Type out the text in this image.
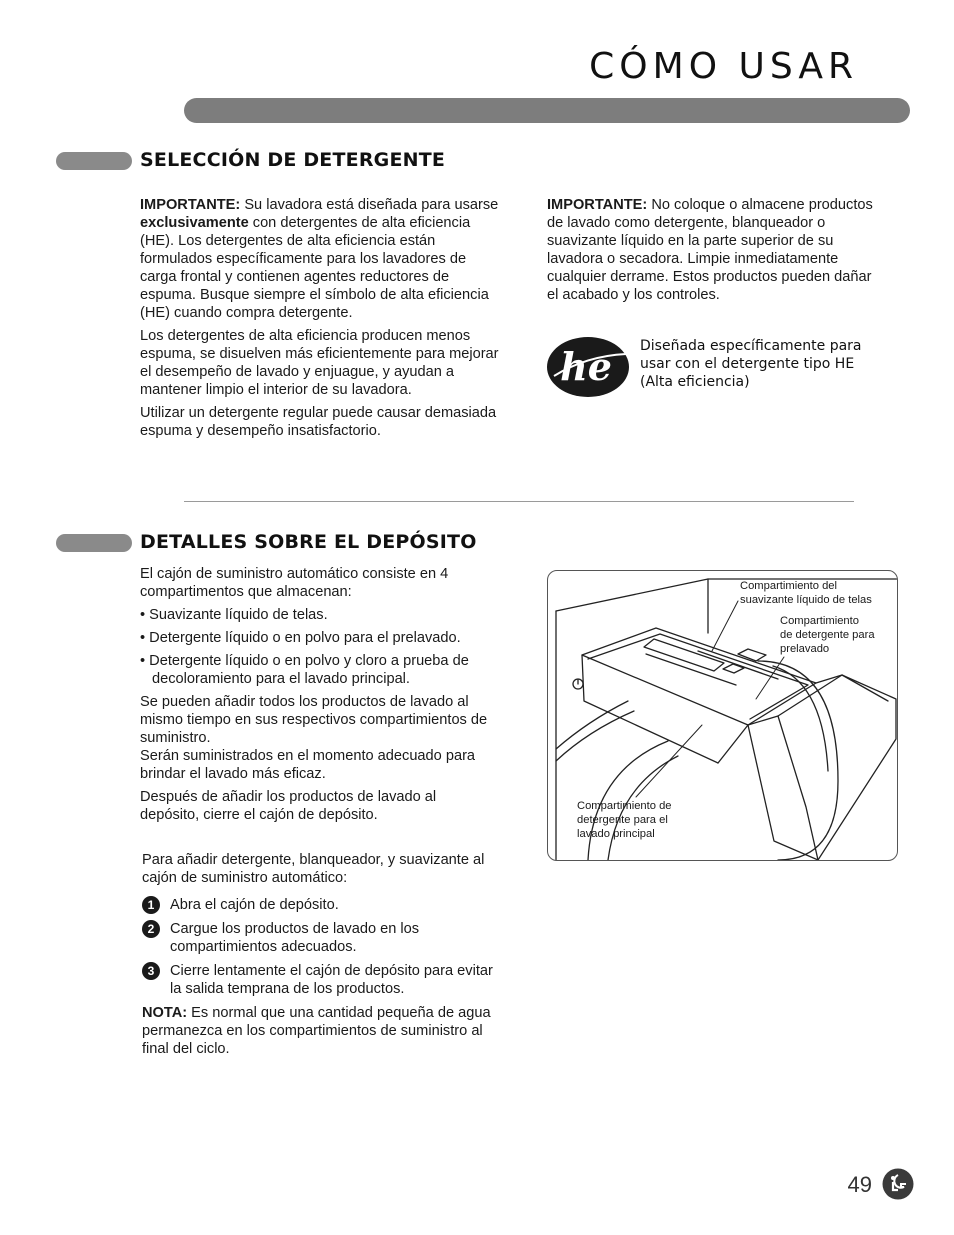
CÓMO USAR
SELECCIÓN DE DETERGENTE

IMPORTANTE: Su lavadora está diseñada para usarse exclusivamente con detergentes de alta eficiencia (HE). Los detergentes de alta eficiencia están formulados específicamente para los lavadores de carga frontal y contienen agentes reductores de espuma. Busque siempre el símbolo de alta eficiencia (HE) cuando compra detergente.

Los detergentes de alta eficiencia producen menos espuma, se disuelven más eficientemente para mejorar el desempeño de lavado y enjuague, y ayudan a mantener limpio el interior de su lavadora.

Utilizar un detergente regular puede causar demasiada espuma y desempeño insatisfactorio.

IMPORTANTE: No coloque o almacene productos de lavado como detergente, blanqueador o suavizante líquido en la parte superior de su lavadora o secadora. Limpie inmediatamente cualquier derrame. Estos productos pueden dañar el acabado y los controles.

he Diseñada específicamente para
usar con el detergente tipo HE
(Alta eficiencia)
DETALLES SOBRE EL DEPÓSITO

El cajón de suministro automático consiste en 4 compartimentos que almacenan:

• Suavizante líquido de telas.
• Detergente líquido o en polvo para el prelavado.
• Detergente líquido o en polvo y cloro a prueba de decoloramiento para el lavado principal.

Se pueden añadir todos los productos de lavado al mismo tiempo en sus respectivos compartimientos de suministro.

Serán suministrados en el momento adecuado para brindar el lavado más eficaz.

Después de añadir los productos de lavado al depósito, cierre el cajón de depósito.

Para añadir detergente, blanqueador, y suavizante al cajón de suministro automático:

1	Abra el cajón de depósito.
2	Cargue los productos de lavado en los compartimientos adecuados.
3	Cierre lentamente el cajón de depósito para evitar la salida temprana de los productos.

NOTA: Es normal que una cantidad pequeña de agua permanezca en los compartimientos de suministro al final del ciclo.

Compartimiento del
suavizante líquido de telas
Compartimiento
de detergente para
prelavado
Compartimiento de
detergente para el
lavado principal
49
